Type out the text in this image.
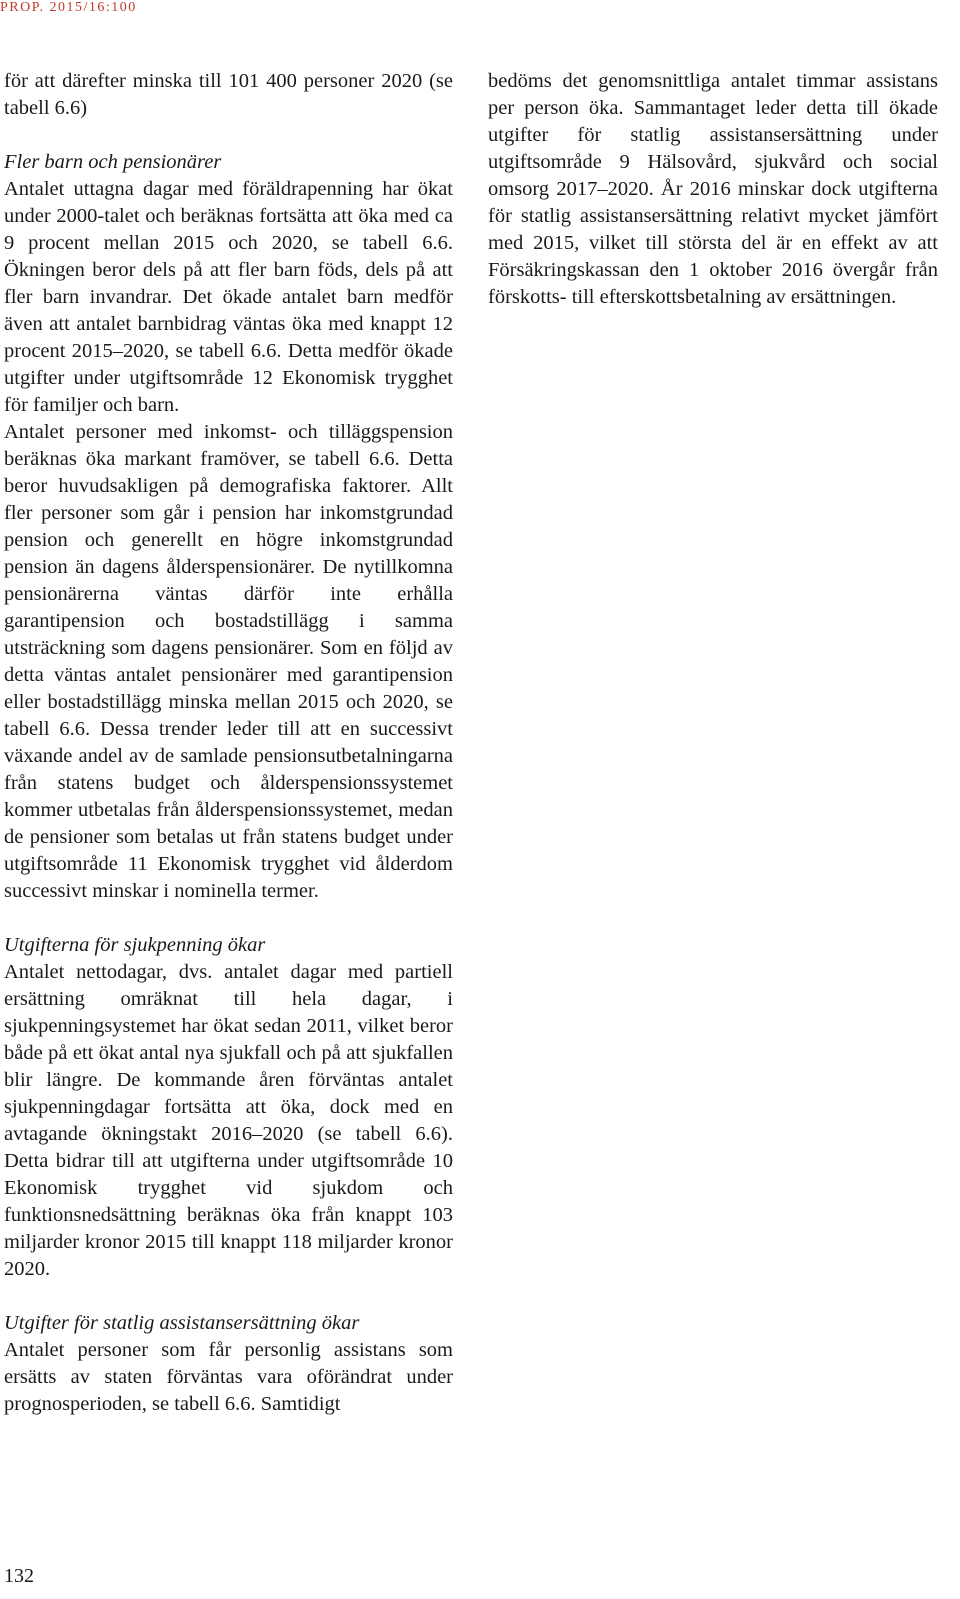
PROP. 2015/16:100

för att därefter minska till 101 400 personer 2020 (se tabell 6.6)

Fler barn och pensionärer

Antalet uttagna dagar med föräldrapenning har ökat under 2000-talet och beräknas fortsätta att öka med ca 9 procent mellan 2015 och 2020, se tabell 6.6. Ökningen beror dels på att fler barn föds, dels på att fler barn invandrar. Det ökade antalet barn medför även att antalet barnbidrag väntas öka med knappt 12 procent 2015–2020, se tabell 6.6. Detta medför ökade utgifter under utgiftsområde 12 Ekonomisk trygghet för familjer och barn.

Antalet personer med inkomst- och tilläggspension beräknas öka markant framöver, se tabell 6.6. Detta beror huvudsakligen på demografiska faktorer. Allt fler personer som går i pension har inkomstgrundad pension och generellt en högre inkomstgrundad pension än dagens ålderspensionärer. De nytillkomna pensionärerna väntas därför inte erhålla garantipension och bostadstillägg i samma utsträckning som dagens pensionärer. Som en följd av detta väntas antalet pensionärer med garantipension eller bostadstillägg minska mellan 2015 och 2020, se tabell 6.6. Dessa trender leder till att en successivt växande andel av de samlade pensionsutbetalningarna från statens budget och ålderspensionssystemet kommer utbetalas från ålderspensionssystemet, medan de pensioner som betalas ut från statens budget under utgiftsområde 11 Ekonomisk trygghet vid ålderdom successivt minskar i nominella termer.

Utgifterna för sjukpenning ökar

Antalet nettodagar, dvs. antalet dagar med partiell ersättning omräknat till hela dagar, i sjukpenningsystemet har ökat sedan 2011, vilket beror både på ett ökat antal nya sjukfall och på att sjukfallen blir längre. De kommande åren förväntas antalet sjukpenningdagar fortsätta att öka, dock med en avtagande ökningstakt 2016–2020 (se tabell 6.6). Detta bidrar till att utgifterna under utgiftsområde 10 Ekonomisk trygghet vid sjukdom och funktionsnedsättning beräknas öka från knappt 103 miljarder kronor 2015 till knappt 118 miljarder kronor 2020.

Utgifter för statlig assistansersättning ökar

Antalet personer som får personlig assistans som ersätts av staten förväntas vara oförändrat under prognosperioden, se tabell 6.6. Samtidigt

bedöms det genomsnittliga antalet timmar assistans per person öka. Sammantaget leder detta till ökade utgifter för statlig assistansersättning under utgiftsområde 9 Hälsovård, sjukvård och social omsorg 2017–2020. År 2016 minskar dock utgifterna för statlig assistansersättning relativt mycket jämfört med 2015, vilket till största del är en effekt av att Försäkringskassan den 1 oktober 2016 övergår från förskotts- till efterskottsbetalning av ersättningen.

132
